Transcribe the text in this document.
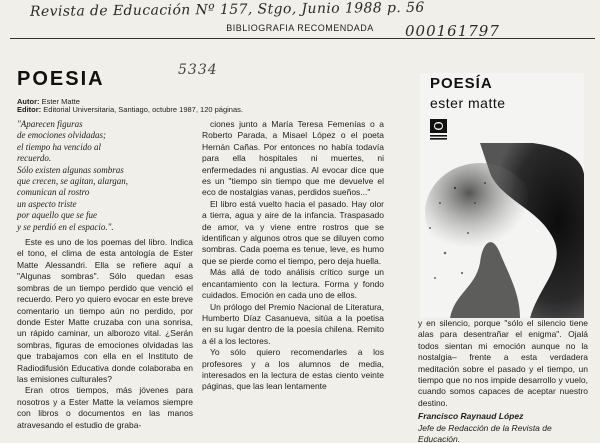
Revista de Educación Nº 157, Stgo, Junio 1988 p. 56
BIBLIOGRAFIA RECOMENDADA	000161797
POESIA	5334
Autor: Ester Matte
Editor: Editorial Universitaria, Santiago, octubre 1987, 120 páginas.
"Aparecen figuras
de emociones olvidadas;
el tiempo ha vencido al
recuerdo.
Sólo existen algunas sombras
que crecen, se agitan, alargan,
comunican al rostro
un aspecto triste
por aquello que se fue
y se perdió en el espacio.".

Este es uno de los poemas del libro. Indica el tono, el clima de esta antología de Ester Matte Alessandri. Ella se refiere aquí a "Algunas sombras". Sólo quedan esas sombras de un tiempo perdido que venció el recuerdo. Pero yo quiero evocar en este breve comentario un tiempo aún no perdido, por donde Ester Matte cruzaba con una sonrisa, un rápido caminar, un alborozo vital. ¿Serán sombras, figuras de emociones olvidadas las que trabajamos con ella en el Instituto de Radiodifusión Educativa donde colaboraba en las emisiones culturales?

Eran otros tiempos, más jóvenes para nosotros y a Ester Matte la veíamos siempre con libros o documentos en las manos atravesando el estudio de graba-

ciones junto a María Teresa Femenías o a Roberto Parada, a Misael López o el poeta Hernán Cañas. Por entonces no había todavía para ella hospitales ni muertes, ni enfermedades ni angustias. Al evocar dice que es un "tiempo sin tiempo que me devuelve el eco de nostalgias vanas, perdidos sueños..."

El libro está vuelto hacia el pasado. Hay olor a tierra, agua y aire de la infancia. Traspasado de amor, va y viene entre rostros que se identifican y algunos otros que se diluyen como sombras. Cada poema es tenue, leve, es humo que se pierde como el tiempo, pero deja huella.

Más allá de todo análisis crítico surge un encantamiento con la lectura. Forma y fondo cuidados. Emoción en cada uno de ellos.

Un prólogo del Premio Nacional de Literatura, Humberto Díaz Casanueva, sitúa a la poetisa en su lugar dentro de la poesía chilena. Remito a él a los lectores.

Yo sólo quiero recomendarles a los profesores y a los alumnos de media, interesados en la lectura de estas ciento veinte páginas, que las lean lentamente

POESÍA
ester matte

y en silencio, porque "sólo el silencio tiene alas para desentrañar el enigma". Ojalá todos sientan mi emoción aunque no la nostalgia– frente a esta verdadera meditación sobre el pasado y el tiempo, un tiempo que no nos impide desarrollo y vuelo, cuando somos capaces de aceptar nuestro destino.

Francisco Raynaud López
Jefe de Redacción de la Revista de Educación.
